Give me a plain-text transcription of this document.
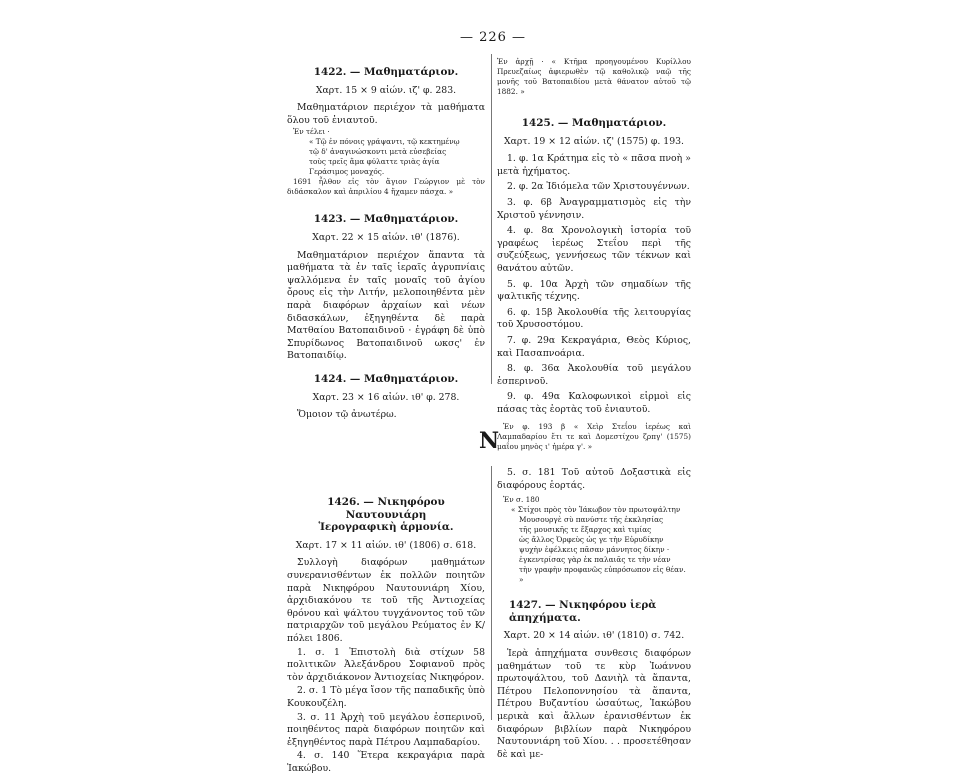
— 226 —
1422. — Μαθηματάριον.
Χαρτ. 15 × 9 αἰών. ιζ' φ. 283.

Μαθηματάριον περιέχον τὰ μαθήματα ὅλου τοῦ ἐνιαυτοῦ.

Ἐν τέλει ·
« Τῷ ἐν πόνοις γράψαντι, τῷ κεκτημένῳ
τῷ δ' ἀναγινώσκοντι μετὰ εὐσεβείας
τοὺς τρεῖς ἅμα φύλαττε τριὰς ἁγία
Γεράσιμος μοναχός.
1691 ἦλθον εἰς τὸν ἅγιον Γεώργιον μὲ τὸν διδάσκαλον καὶ ἀπριλίου 4 ἤχαμεν πάσχα. »
1423. — Μαθηματάριον.
Χαρτ. 22 × 15 αἰών. ιθ' (1876).

Μαθηματάριον περιέχον ἅπαντα τὰ μαθήματα τὰ ἐν ταῖς ἱεραῖς ἀγρυπνίαις ψαλλόμενα ἐν ταῖς μοναῖς τοῦ ἁγίου ὄρους εἰς τὴν Λιτήν, μελοποιηθέντα μὲν παρὰ διαφόρων ἀρχαίων καὶ νέων διδασκάλων, ἐξηγηθέντα δὲ παρὰ Ματθαίου Βατοπαιδινοῦ · ἐγράφη δὲ ὑπὸ Σπυρίδωνος Βατοπαιδινοῦ ωκσς' ἐν Βατοπαιδίῳ.

1424. — Μαθηματάριον.
Χαρτ. 23 × 16 αἰών. ιθ' φ. 278.

Ὅμοιον τῷ ἀνωτέρω.

Ἐν ἀρχῇ · « Κτῆμα προηγουμένου Κυρίλλου Πρευεζαίως ἀφιερωθὲν τῷ καθολικῷ ναῷ τῆς μονῆς τοῦ Βατοπαιδίου μετὰ θάνατον αὐτοῦ τῷ 1882. »
1425. — Μαθηματάριον.
Χαρτ. 19 × 12 αἰών. ιζ' (1575) φ. 193.
1. φ. 1α Κράτημα εἰς τὸ « πᾶσα πνοὴ » μετὰ ἠχήματος.
2. φ. 2α Ἰδιόμελα τῶν Χριστουγέννων.
3. φ. 6β Ἀναγραμματισμὸς εἰς τὴν Χριστοῦ γέννησιν.
4. φ. 8α Χρονολογικὴ ἱστορία τοῦ γραφέως ἱερέως Στεΐου περὶ τῆς συζεύξεως, γεννήσεως τῶν τέκνων καὶ θανάτου αὐτῶν.
5. φ. 10α Ἀρχὴ τῶν σημαδίων τῆς ψαλτικῆς τέχνης.
6. φ. 15β Ἀκολουθία τῆς λειτουργίας τοῦ Χρυσοστόμου.
7. φ. 29α Κεκραγάρια, Θεὸς Κύριος, καὶ Πασαπνοάρια.
8. φ. 36α Ἀκολουθία τοῦ μεγάλου ἑσπερινοῦ.
9. φ. 49α Καλοφωνικοὶ εἱρμοὶ εἰς πάσας τὰς ἑορτὰς τοῦ ἐνιαυτοῦ.
Ἐν φ. 193 β « Χεὶρ Στεΐου ἱερέως καὶ Λαμπαδαρίου ἔτι τε καὶ Δομεστίχου ζρπγ' (1575) μαΐου μηνὸς ι' ἡμέρα γ'. »
N
1426. — Νικηφόρου Ναυτουνιάρη
Ἱερογραφικὴ ἁρμονία.
Χαρτ. 17 × 11 αἰών. ιθ' (1806) σ. 618.

Συλλογὴ διαφόρων μαθημάτων συνερανισθέντων ἐκ πολλῶν ποιητῶν παρὰ Νικηφόρου Ναυτουνιάρη Χίου, ἀρχιδιακόνου τε τοῦ τῆς Ἀντιοχείας θρόνου καὶ ψάλτου τυγχάνοντος τοῦ τῶν πατριαρχῶν τοῦ μεγάλου Ρεύματος ἐν Κ/πόλει 1806.

1. σ. 1 Ἐπιστολὴ διὰ στίχων 58 πολιτικῶν Ἀλεξάνδρου Σοφιανοῦ πρὸς τὸν ἀρχιδιάκονον Ἀντιοχείας Νικηφόρον.
2. σ. 1 Τὸ μέγα ἴσον τῆς παπαδικῆς ὑπὸ Κουκουζέλη.
3. σ. 11 Ἀρχὴ τοῦ μεγάλου ἑσπερινοῦ, ποιηθέντος παρὰ διαφόρων ποιητῶν καὶ ἐξηγηθέντος παρὰ Πέτρου Λαμπαδαρίου.
4. σ. 140 Ἕτερα κεκραγάρια παρὰ Ἰακώβου.
5. σ. 181 Τοῦ αὐτοῦ Δοξαστικὰ εἰς διαφόρους ἑορτάς.
Ἐν σ. 180
« Στίχοι πρὸς τὸν Ἰάκωβον τὸν πρωτοψάλτην
Μουσουργὲ σὺ πανύστε τῆς ἐκκλησίας
τῆς μουσικῆς τε ἔξαρχος καὶ τιμίας
ὡς ἄλλος Ὀρφεὺς ὡς γε τὴν Εὐρυδίκην
ψυχὴν ἐφέλκεις πᾶσαν μάννητος δίκην ·
ἐγκεντρίσας γὰρ ἐκ παλαιᾶς τε τὴν νέαν
τὴν γραφὴν προφανῶς εὐπρόσωπον εἰς θέαν. »
1427. — Νικηφόρου ἱερὰ ἀπηχήματα.
Χαρτ. 20 × 14 αἰών. ιθ' (1810) σ. 742.

Ἱερὰ ἀπηχήματα συνθεσις διαφόρων μαθημάτων τοῦ τε κὺρ Ἰωάννου πρωτοψάλτου, τοῦ Δανιὴλ τὰ ἅπαντα, Πέτρου Πελοποννησίου τὰ ἅπαντα, Πέτρου Βυζαντίου ὡσαύτως, Ἰακώβου μερικὰ καὶ ἄλλων ἐρανισθέντων ἐκ διαφόρων βιβλίων παρὰ Νικηφόρου Ναυτουνιάρη τοῦ Χίου. . . προσετέθησαν δὲ καὶ με-
